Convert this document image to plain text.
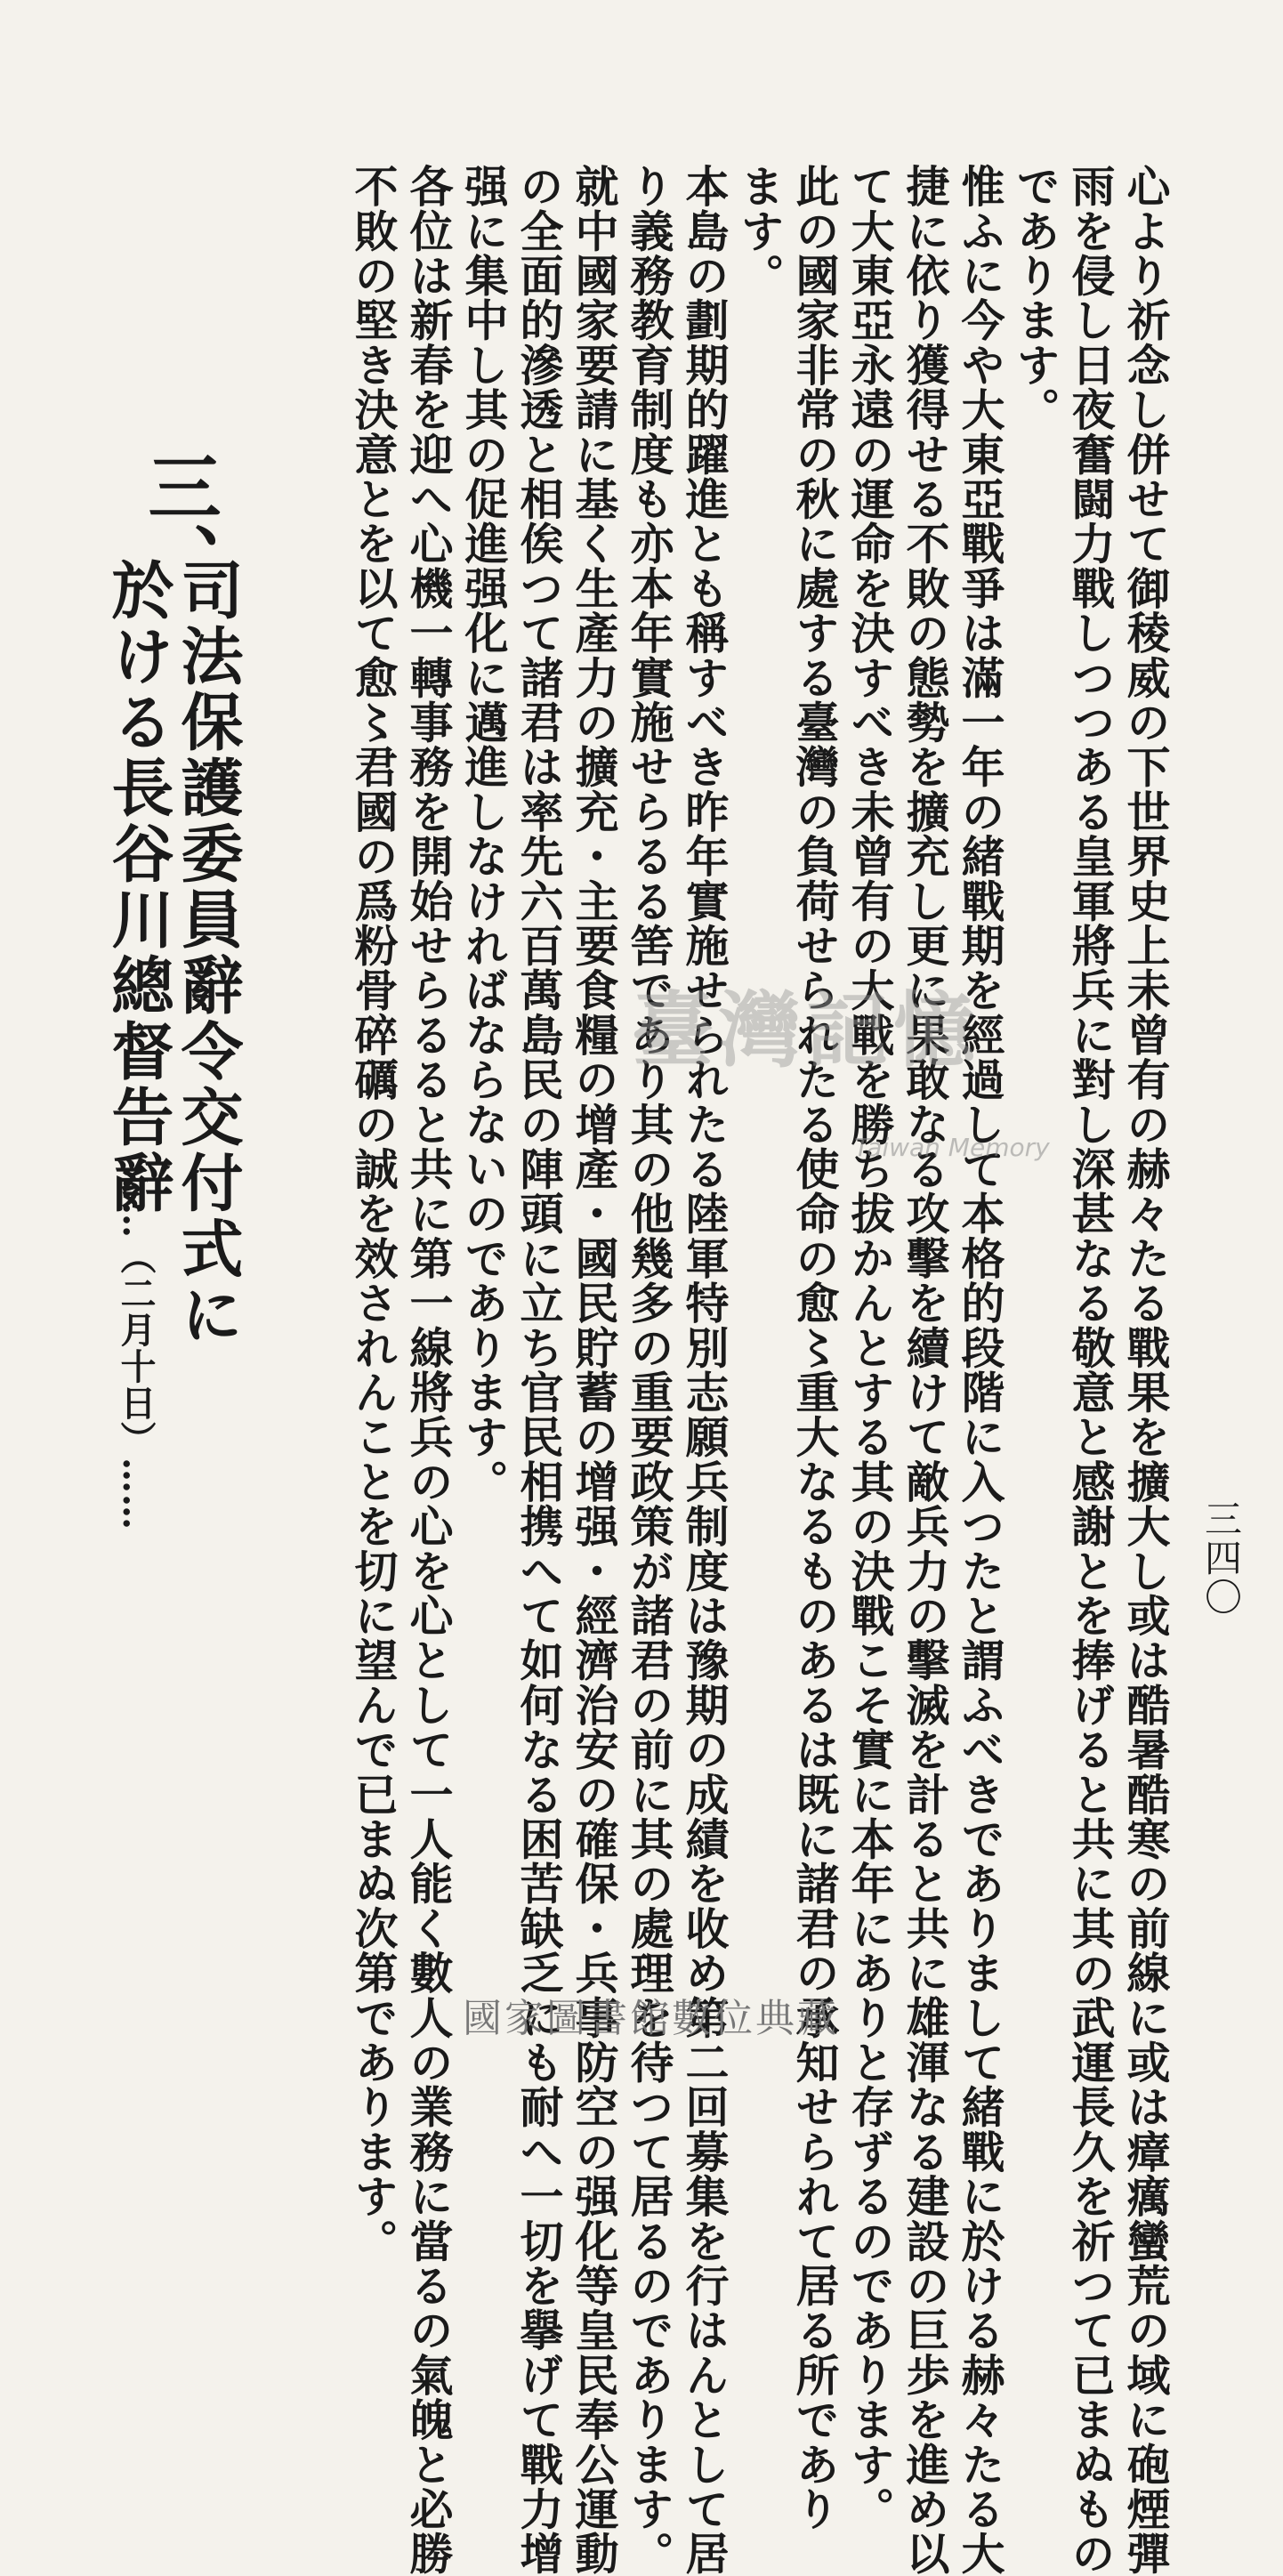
三四〇
心より祈念し併せて御稜威の下世界史上未曾有の赫々たる戰果を擴大し或は酷暑酷寒の前線に或は瘴癘蠻荒の域に砲煙彈
雨を侵し日夜奮闘力戰しつつある皇軍將兵に對し深甚なる敬意と感謝とを捧げると共に其の武運長久を祈つて已まぬもの
であります。
惟ふに今や大東亞戰爭は滿一年の緒戰期を經過して本格的段階に入つたと謂ふべきでありまして緒戰に於ける赫々たる大
捷に依り獲得せる不敗の態勢を擴充し更に果敢なる攻擊を續けて敵兵力の擊滅を計ると共に雄渾なる建設の巨歩を進め以
て大東亞永遠の運命を決すべき未曾有の大戰を勝ち拔かんとする其の決戰こそ實に本年にありと存ずるのであります。
此の國家非常の秋に處する臺灣の負荷せられたる使命の愈〻重大なるものあるは既に諸君の承知せられて居る所であり
ます。
本島の劃期的躍進とも稱すべき昨年實施せられたる陸軍特別志願兵制度は豫期の成績を收め第二回募集を行はんとして居
り義務教育制度も亦本年實施せらるる筈であり其の他幾多の重要政策が諸君の前に其の處理を待つて居るのであります。
就中國家要請に基く生產力の擴充・主要食糧の增產・國民貯蓄の增强・經濟治安の確保・兵事防空の强化等皇民奉公運動
の全面的滲透と相俟つて諸君は率先六百萬島民の陣頭に立ち官民相携へて如何なる困苦缺乏にも耐へ一切を擧げて戰力增
强に集中し其の促進强化に邁進しなければならないのであります。
各位は新春を迎へ心機一轉事務を開始せらるると共に第一線將兵の心を心として一人能く數人の業務に當るの氣魄と必勝
不敗の堅き決意とを以て愈〻君國の爲粉骨碎礪の誠を效されんことを切に望んで已まぬ次第であります。
三、
司法保護委員辭令交付式に
於ける長谷川總督告辭
……（二月十日）……
臺灣記憶
Taiwan Memory
國家圖書館數位典藏
